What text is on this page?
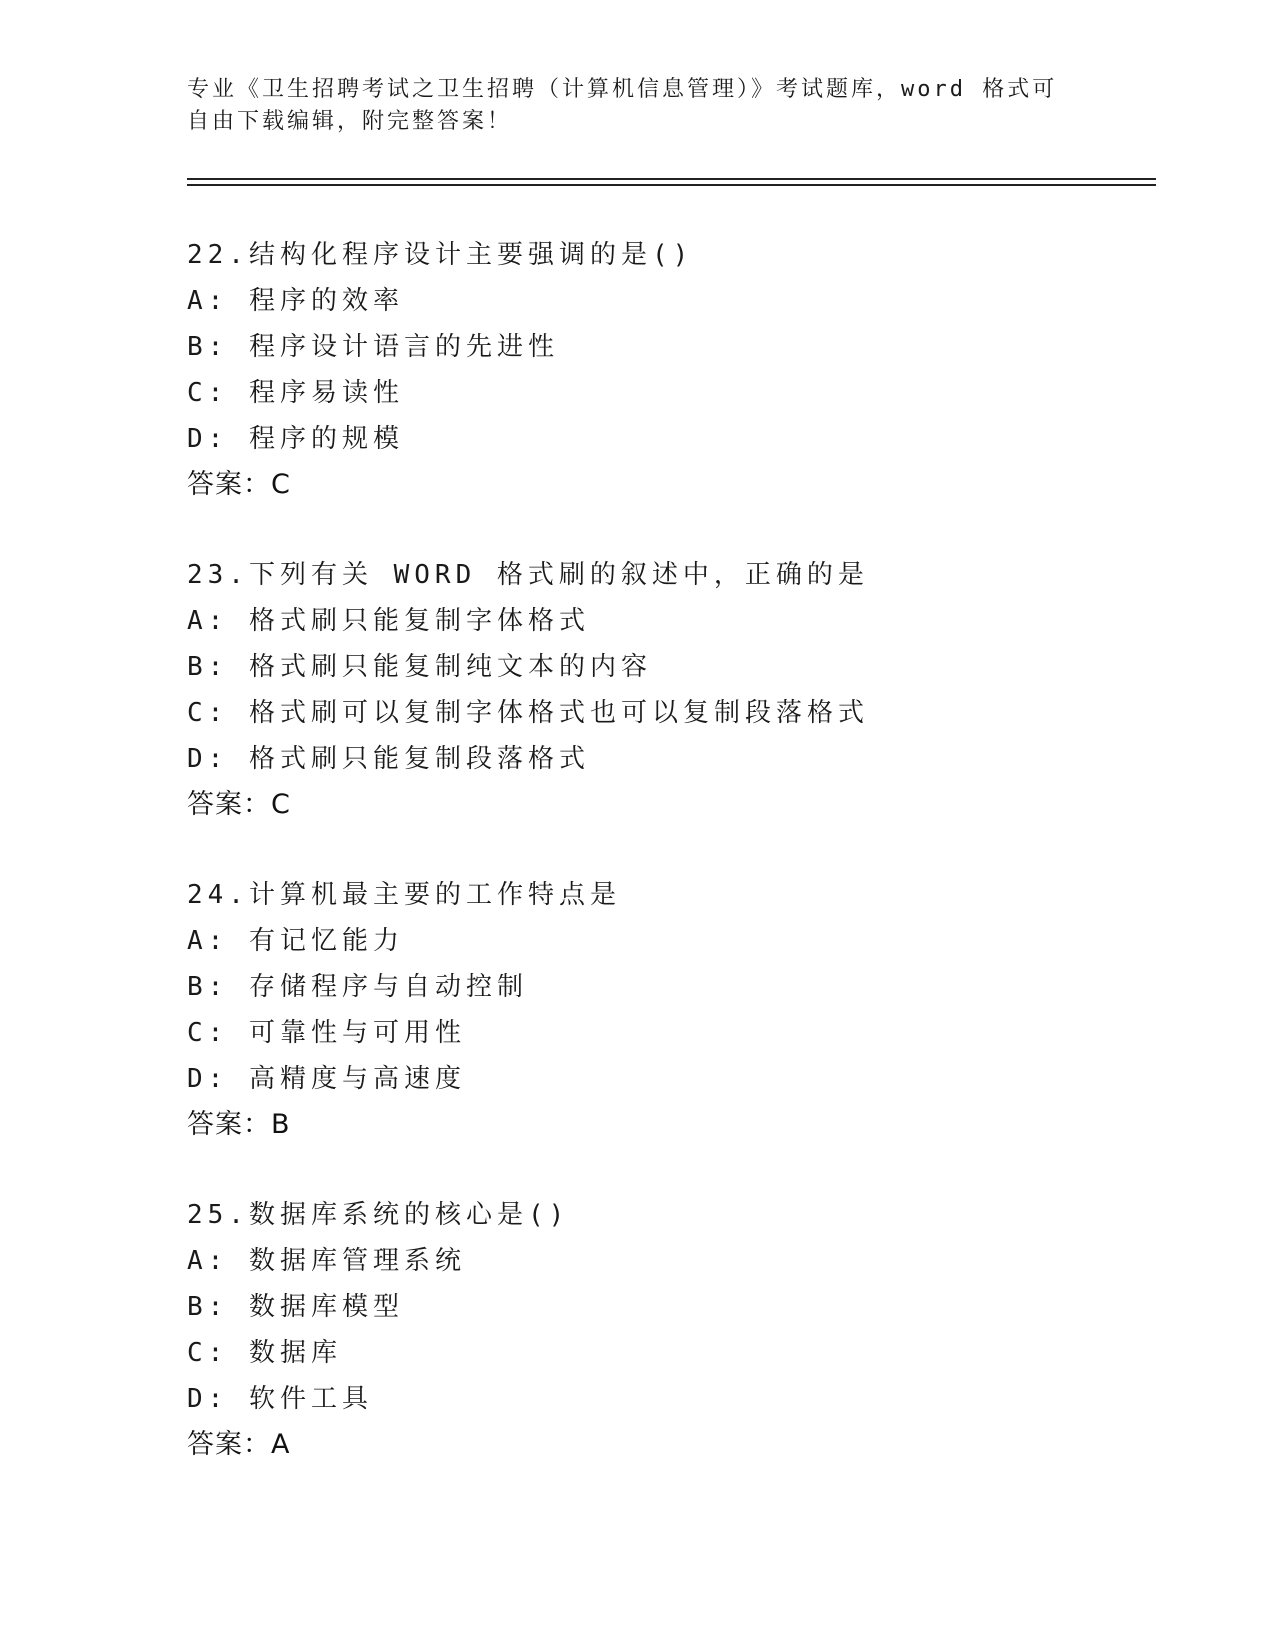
专业《卫生招聘考试之卫生招聘（计算机信息管理）》考试题库，word 格式可自由下载编辑，附完整答案！
22.结构化程序设计主要强调的是()
A: 程序的效率
B: 程序设计语言的先进性
C: 程序易读性
D: 程序的规模
答案：C
23.下列有关 WORD 格式刷的叙述中，正确的是
A: 格式刷只能复制字体格式
B: 格式刷只能复制纯文本的内容
C: 格式刷可以复制字体格式也可以复制段落格式
D: 格式刷只能复制段落格式
答案：C
24.计算机最主要的工作特点是
A: 有记忆能力
B: 存储程序与自动控制
C: 可靠性与可用性
D: 高精度与高速度
答案：B
25.数据库系统的核心是()
A: 数据库管理系统
B: 数据库模型
C: 数据库
D: 软件工具
答案：A
